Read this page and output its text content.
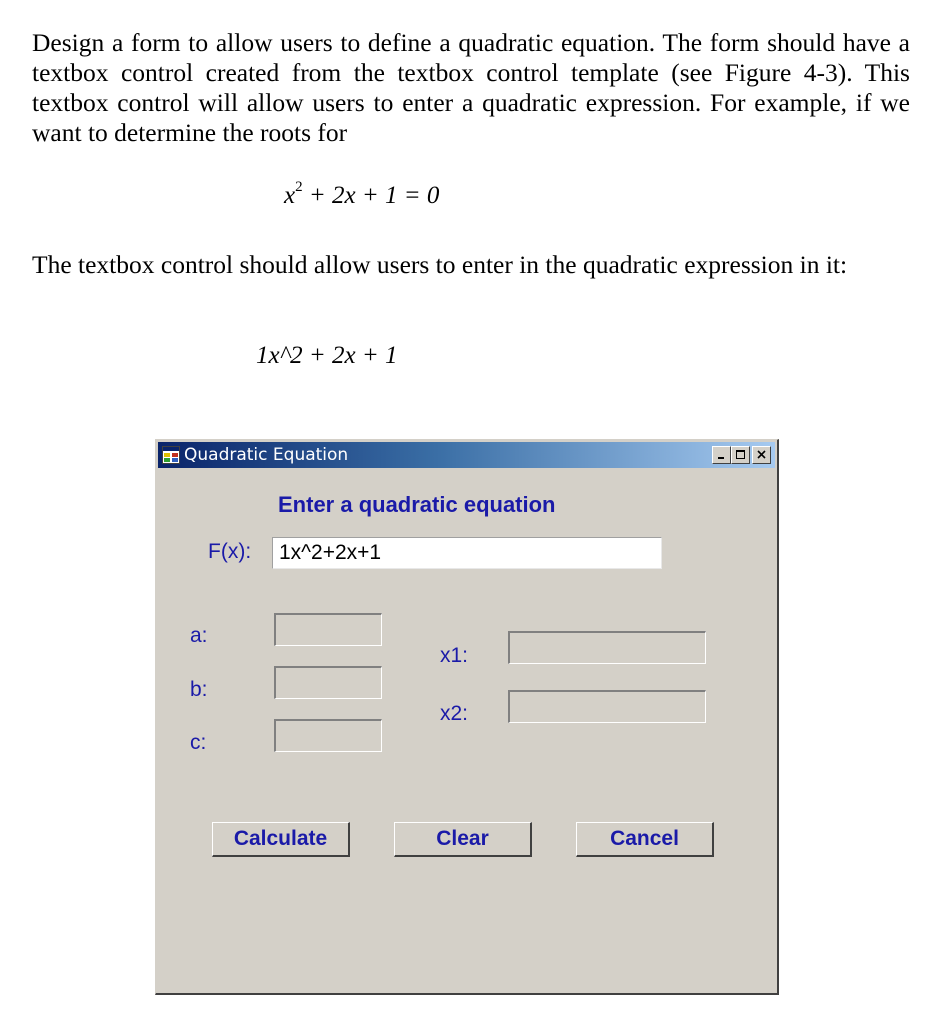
Design a form to allow users to define a quadratic equation. The form should have a textbox control created from the textbox control template (see Figure 4-3). This textbox control will allow users to enter a quadratic expression. For example, if we want to determine the roots for

$x^2 + 2x + 1 = 0$

The textbox control should allow users to enter in the quadratic expression in it:

1x^2 + 2x + 1
Quadratic Equation
Enter a quadratic equation
F(x):
1x^2+2x+1
a:
b:
c:
x1:
x2:
Calculate	Clear	Cancel
